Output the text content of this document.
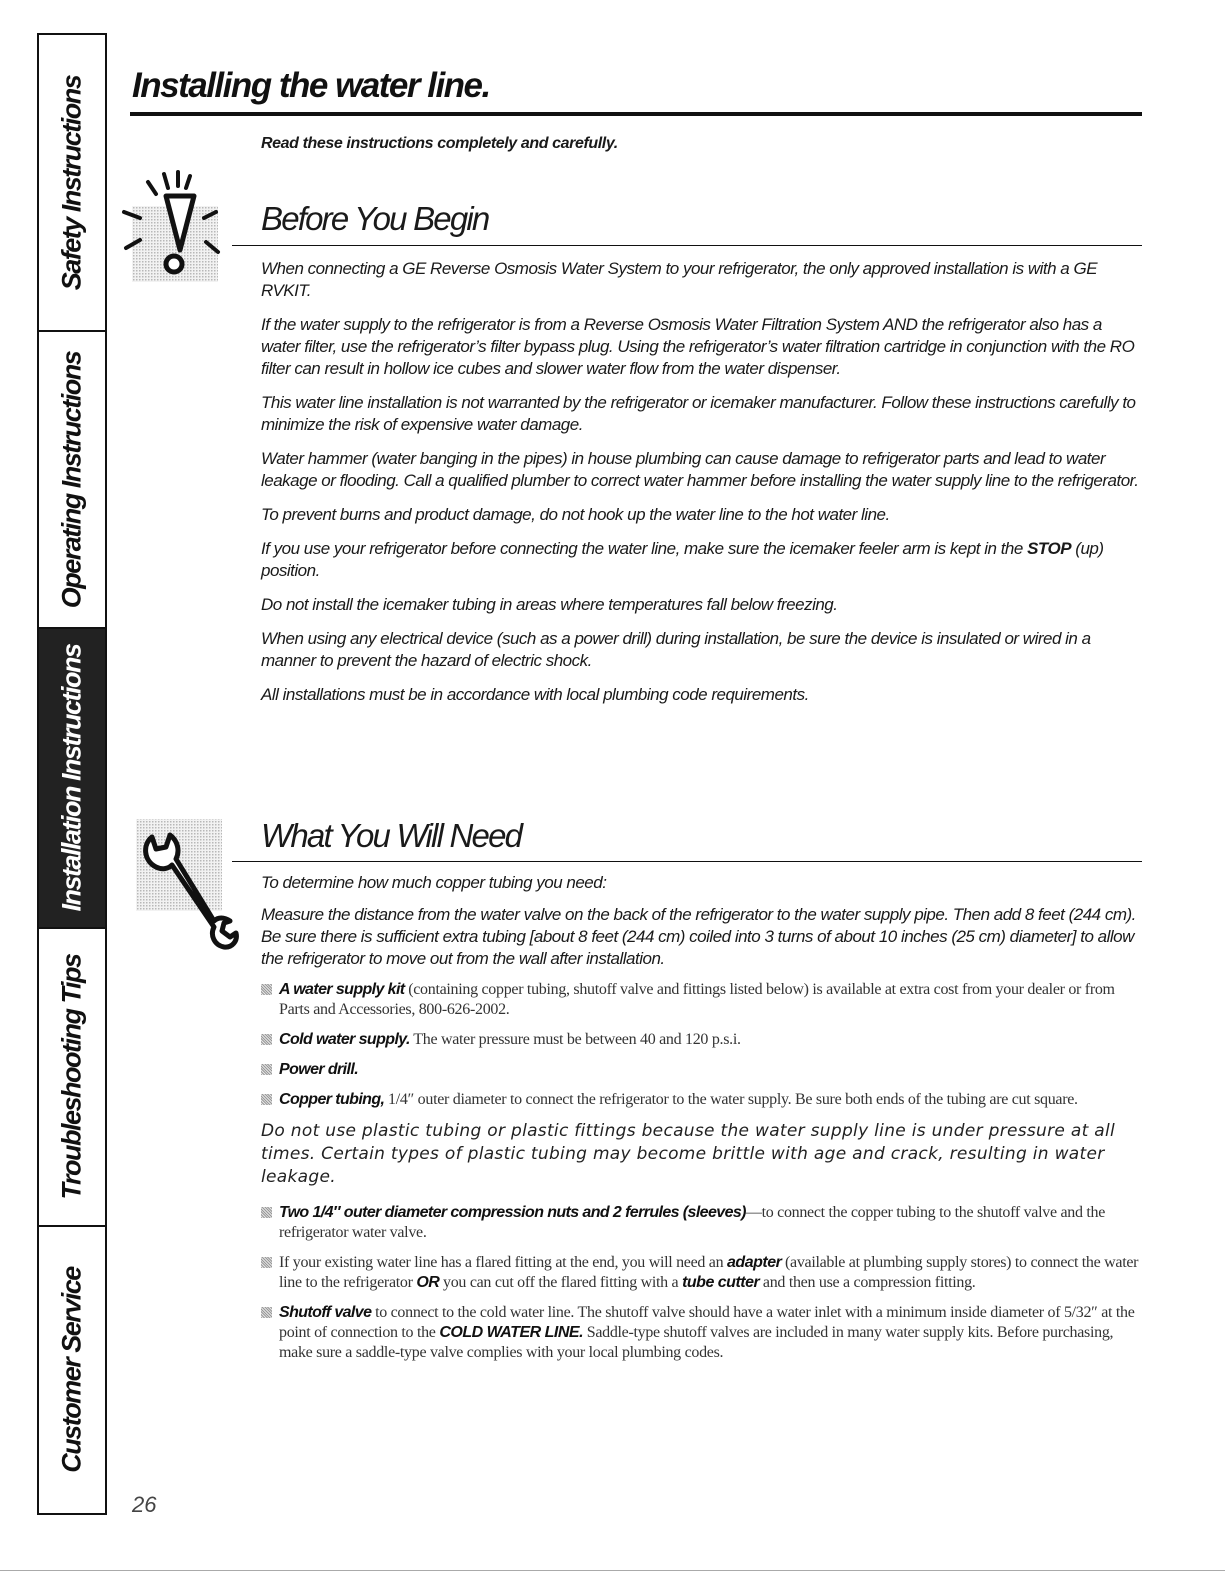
Safety Instructions
Operating Instructions
Installation Instructions
Troubleshooting Tips
Customer Service
Installing the water line.
Read these instructions completely and carefully.
Before You Begin

When connecting a GE Reverse Osmosis Water System to your refrigerator, the only approved installation is with a GE RVKIT.

If the water supply to the refrigerator is from a Reverse Osmosis Water Filtration System AND the refrigerator also has a water filter, use the refrigerator’s filter bypass plug. Using the refrigerator’s water filtration cartridge in conjunction with the RO filter can result in hollow ice cubes and slower water flow from the water dispenser.

This water line installation is not warranted by the refrigerator or icemaker manufacturer. Follow these instructions carefully to minimize the risk of expensive water damage.

Water hammer (water banging in the pipes) in house plumbing can cause damage to refrigerator parts and lead to water leakage or flooding. Call a qualified plumber to correct water hammer before installing the water supply line to the refrigerator.

To prevent burns and product damage, do not hook up the water line to the hot water line.

If you use your refrigerator before connecting the water line, make sure the icemaker feeler arm is kept in the STOP (up) position.

Do not install the icemaker tubing in areas where temperatures fall below freezing.

When using any electrical device (such as a power drill) during installation, be sure the device is insulated or wired in a manner to prevent the hazard of electric shock.

All installations must be in accordance with local plumbing code requirements.

What You Will Need

To determine how much copper tubing you need:

Measure the distance from the water valve on the back of the refrigerator to the water supply pipe. Then add 8 feet (244 cm). Be sure there is sufficient extra tubing [about 8 feet (244 cm) coiled into 3 turns of about 10 inches (25 cm) diameter] to allow the refrigerator to move out from the wall after installation.

A water supply kit (containing copper tubing, shutoff valve and fittings listed below) is available at extra cost from your dealer or from Parts and Accessories, 800-626-2002.
Cold water supply. The water pressure must be between 40 and 120 p.s.i.
Power drill.
Copper tubing, 1/4″ outer diameter to connect the refrigerator to the water supply. Be sure both ends of the tubing are cut square.

Do not use plastic tubing or plastic fittings because the water supply line is under pressure at all times. Certain types of plastic tubing may become brittle with age and crack, resulting in water leakage.

Two 1/4″ outer diameter compression nuts and 2 ferrules (sleeves)—to connect the copper tubing to the shutoff valve and the refrigerator water valve.
If your existing water line has a flared fitting at the end, you will need an adapter (available at plumbing supply stores) to connect the water line to the refrigerator OR you can cut off the flared fitting with a tube cutter and then use a compression fitting.
Shutoff valve to connect to the cold water line. The shutoff valve should have a water inlet with a minimum inside diameter of 5/32″ at the point of connection to the COLD WATER LINE. Saddle-type shutoff valves are included in many water supply kits. Before purchasing, make sure a saddle-type valve complies with your local plumbing codes.
26
